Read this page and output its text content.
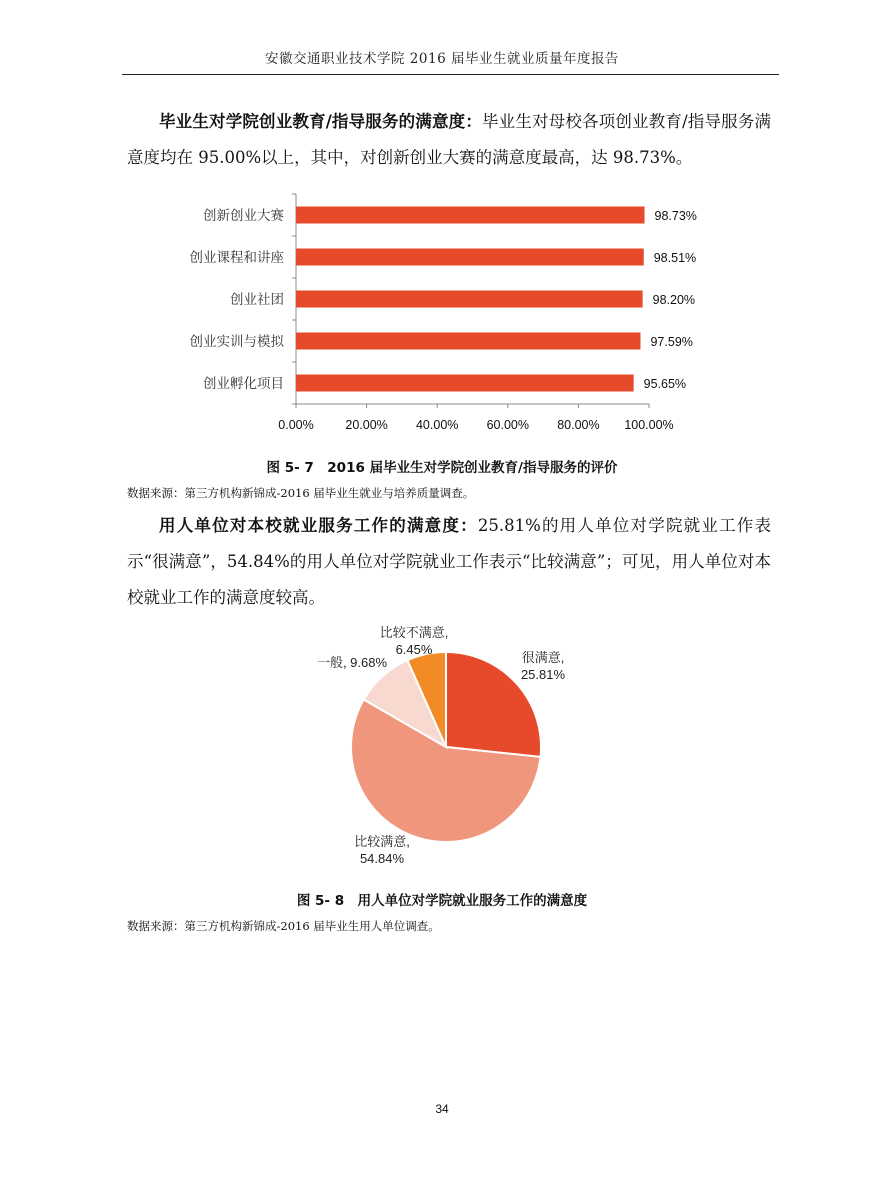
安徽交通职业技术学院 2016 届毕业生就业质量年度报告

毕业生对学院创业教育/指导服务的满意度：毕业生对母校各项创业教育/指导服务满意度均在 95.00%以上，其中，对创新创业大赛的满意度最高，达 98.73%。

0.00%	20.00% 40.00% 60.00% 80.00% 100.00%
创新创业大赛	98.73%
创业课程和讲座	98.51%
创业社团	98.20%
创业实训与模拟	97.59%
创业孵化项目	95.65%
图 5- 7　2016 届毕业生对学院创业教育/指导服务的评价
数据来源：第三方机构新锦成-2016 届毕业生就业与培养质量调查。

用人单位对本校就业服务工作的满意度：25.81%的用人单位对学院就业工作表示“很满意”，54.84%的用人单位对学院就业工作表示“比较满意”；可见，用人单位对本校就业工作的满意度较高。

很满意, 25.81%
比较满意, 54.84%
一般, 9.68%
比较不满意, 6.45%
图 5- 8　用人单位对学院就业服务工作的满意度
数据来源：第三方机构新锦成-2016 届毕业生用人单位调查。
34
